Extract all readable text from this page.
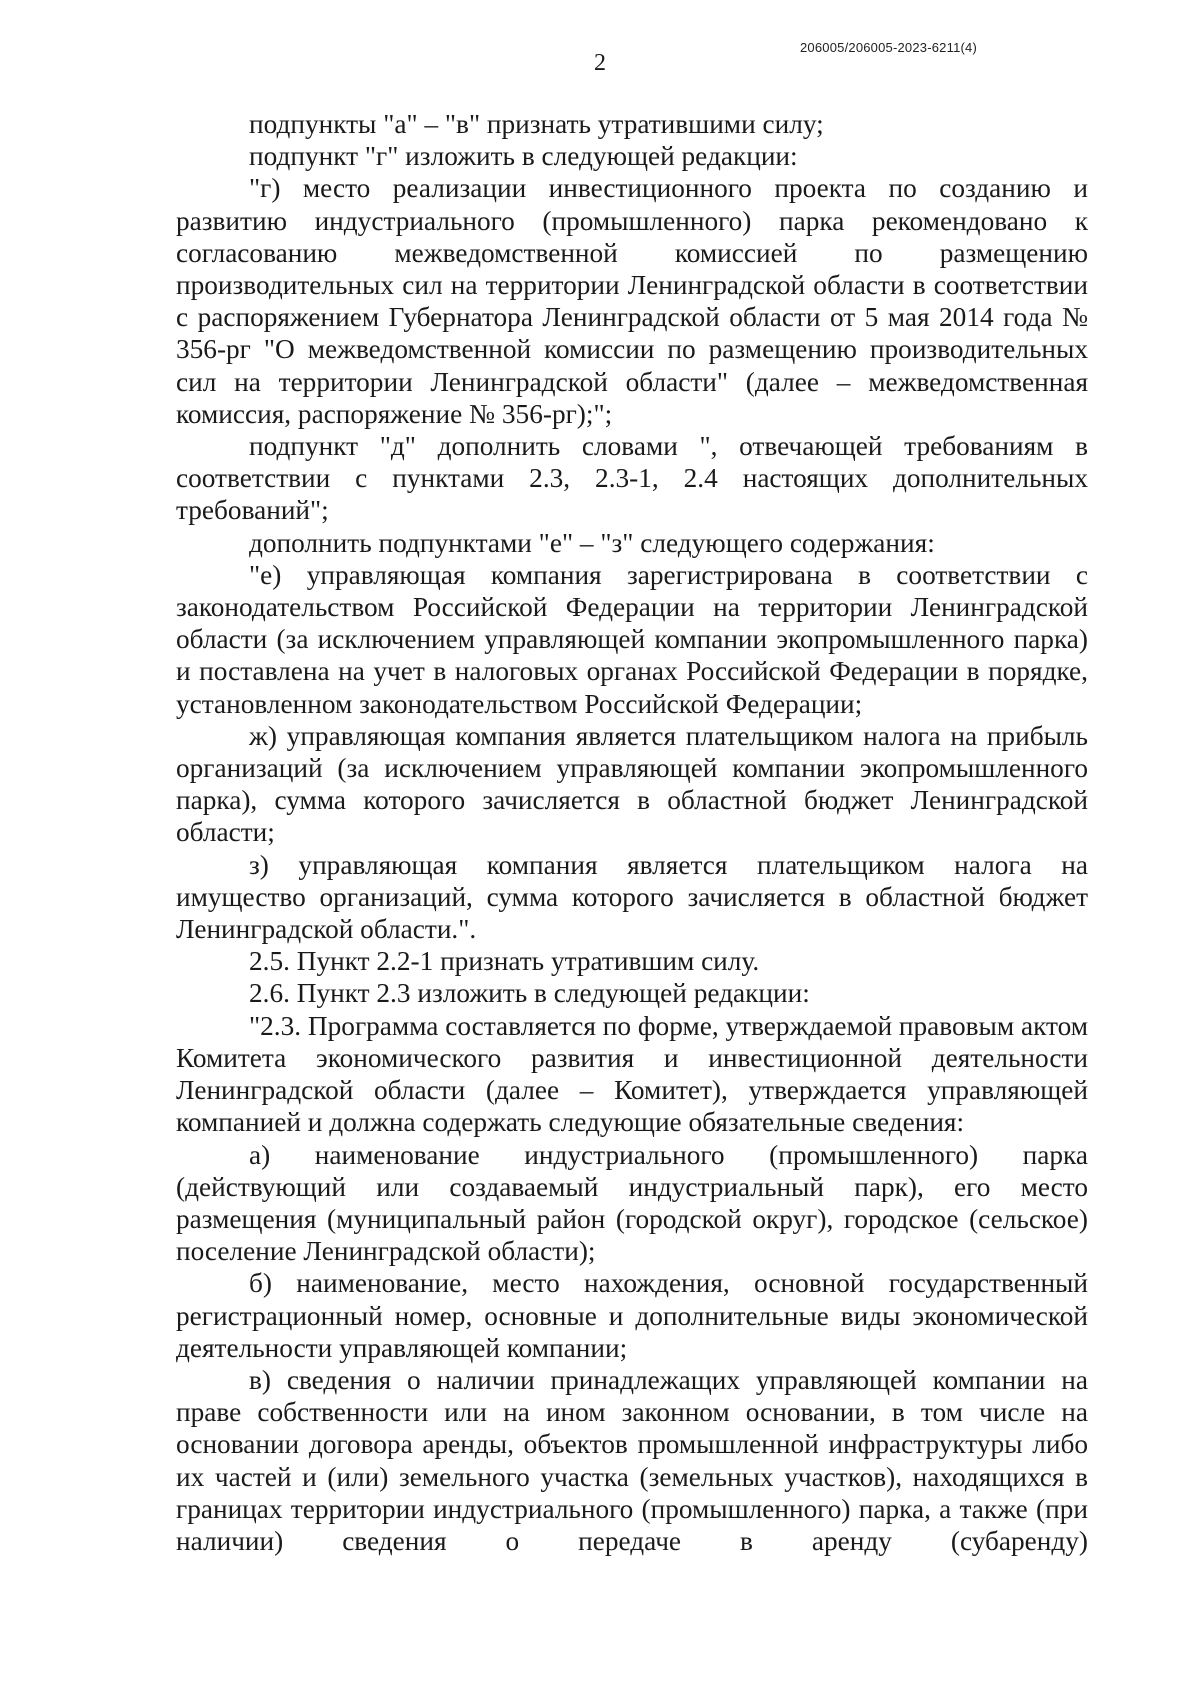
206005/206005-2023-6211(4)
2

подпункты "а" – "в" признать утратившими силу;

подпункт "г" изложить в следующей редакции:

"г) место реализации инвестиционного проекта по созданию и развитию индустриального (промышленного) парка рекомендовано к согласованию межведомственной комиссией по размещению производительных сил на территории Ленинградской области в соответствии с распоряжением Губернатора Ленинградской области от 5 мая 2014 года № 356-рг "О межведомственной комиссии по размещению производительных сил на территории Ленинградской области" (далее – межведомственная комиссия, распоряжение № 356-рг);";

подпункт "д" дополнить словами ", отвечающей требованиям в соответствии с пунктами 2.3, 2.3-1, 2.4 настоящих дополнительных требований";

дополнить подпунктами "е" – "з" следующего содержания:

"е) управляющая компания зарегистрирована в соответствии с законодательством Российской Федерации на территории Ленинградской области (за исключением управляющей компании экопромышленного парка) и поставлена на учет в налоговых органах Российской Федерации в порядке, установленном законодательством Российской Федерации;

ж) управляющая компания является плательщиком налога на прибыль организаций (за исключением управляющей компании экопромышленного парка), сумма которого зачисляется в областной бюджет Ленинградской области;

з) управляющая компания является плательщиком налога на имущество организаций, сумма которого зачисляется в областной бюджет Ленинградской области.".

2.5. Пункт 2.2-1 признать утратившим силу.

2.6. Пункт 2.3 изложить в следующей редакции:

"2.3. Программа составляется по форме, утверждаемой правовым актом Комитета экономического развития и инвестиционной деятельности Ленинградской области (далее – Комитет), утверждается управляющей компанией и должна содержать следующие обязательные сведения:

а) наименование индустриального (промышленного) парка (действующий или создаваемый индустриальный парк), его место размещения (муниципальный район (городской округ), городское (сельское) поселение Ленинградской области);

б) наименование, место нахождения, основной государственный регистрационный номер, основные и дополнительные виды экономической деятельности управляющей компании;

в) сведения о наличии принадлежащих управляющей компании на праве собственности или на ином законном основании, в том числе на основании договора аренды, объектов промышленной инфраструктуры либо их частей и (или) земельного участка (земельных участков), находящихся в границах территории индустриального (промышленного) парка, а также (при наличии) сведения о передаче в аренду (субаренду)
